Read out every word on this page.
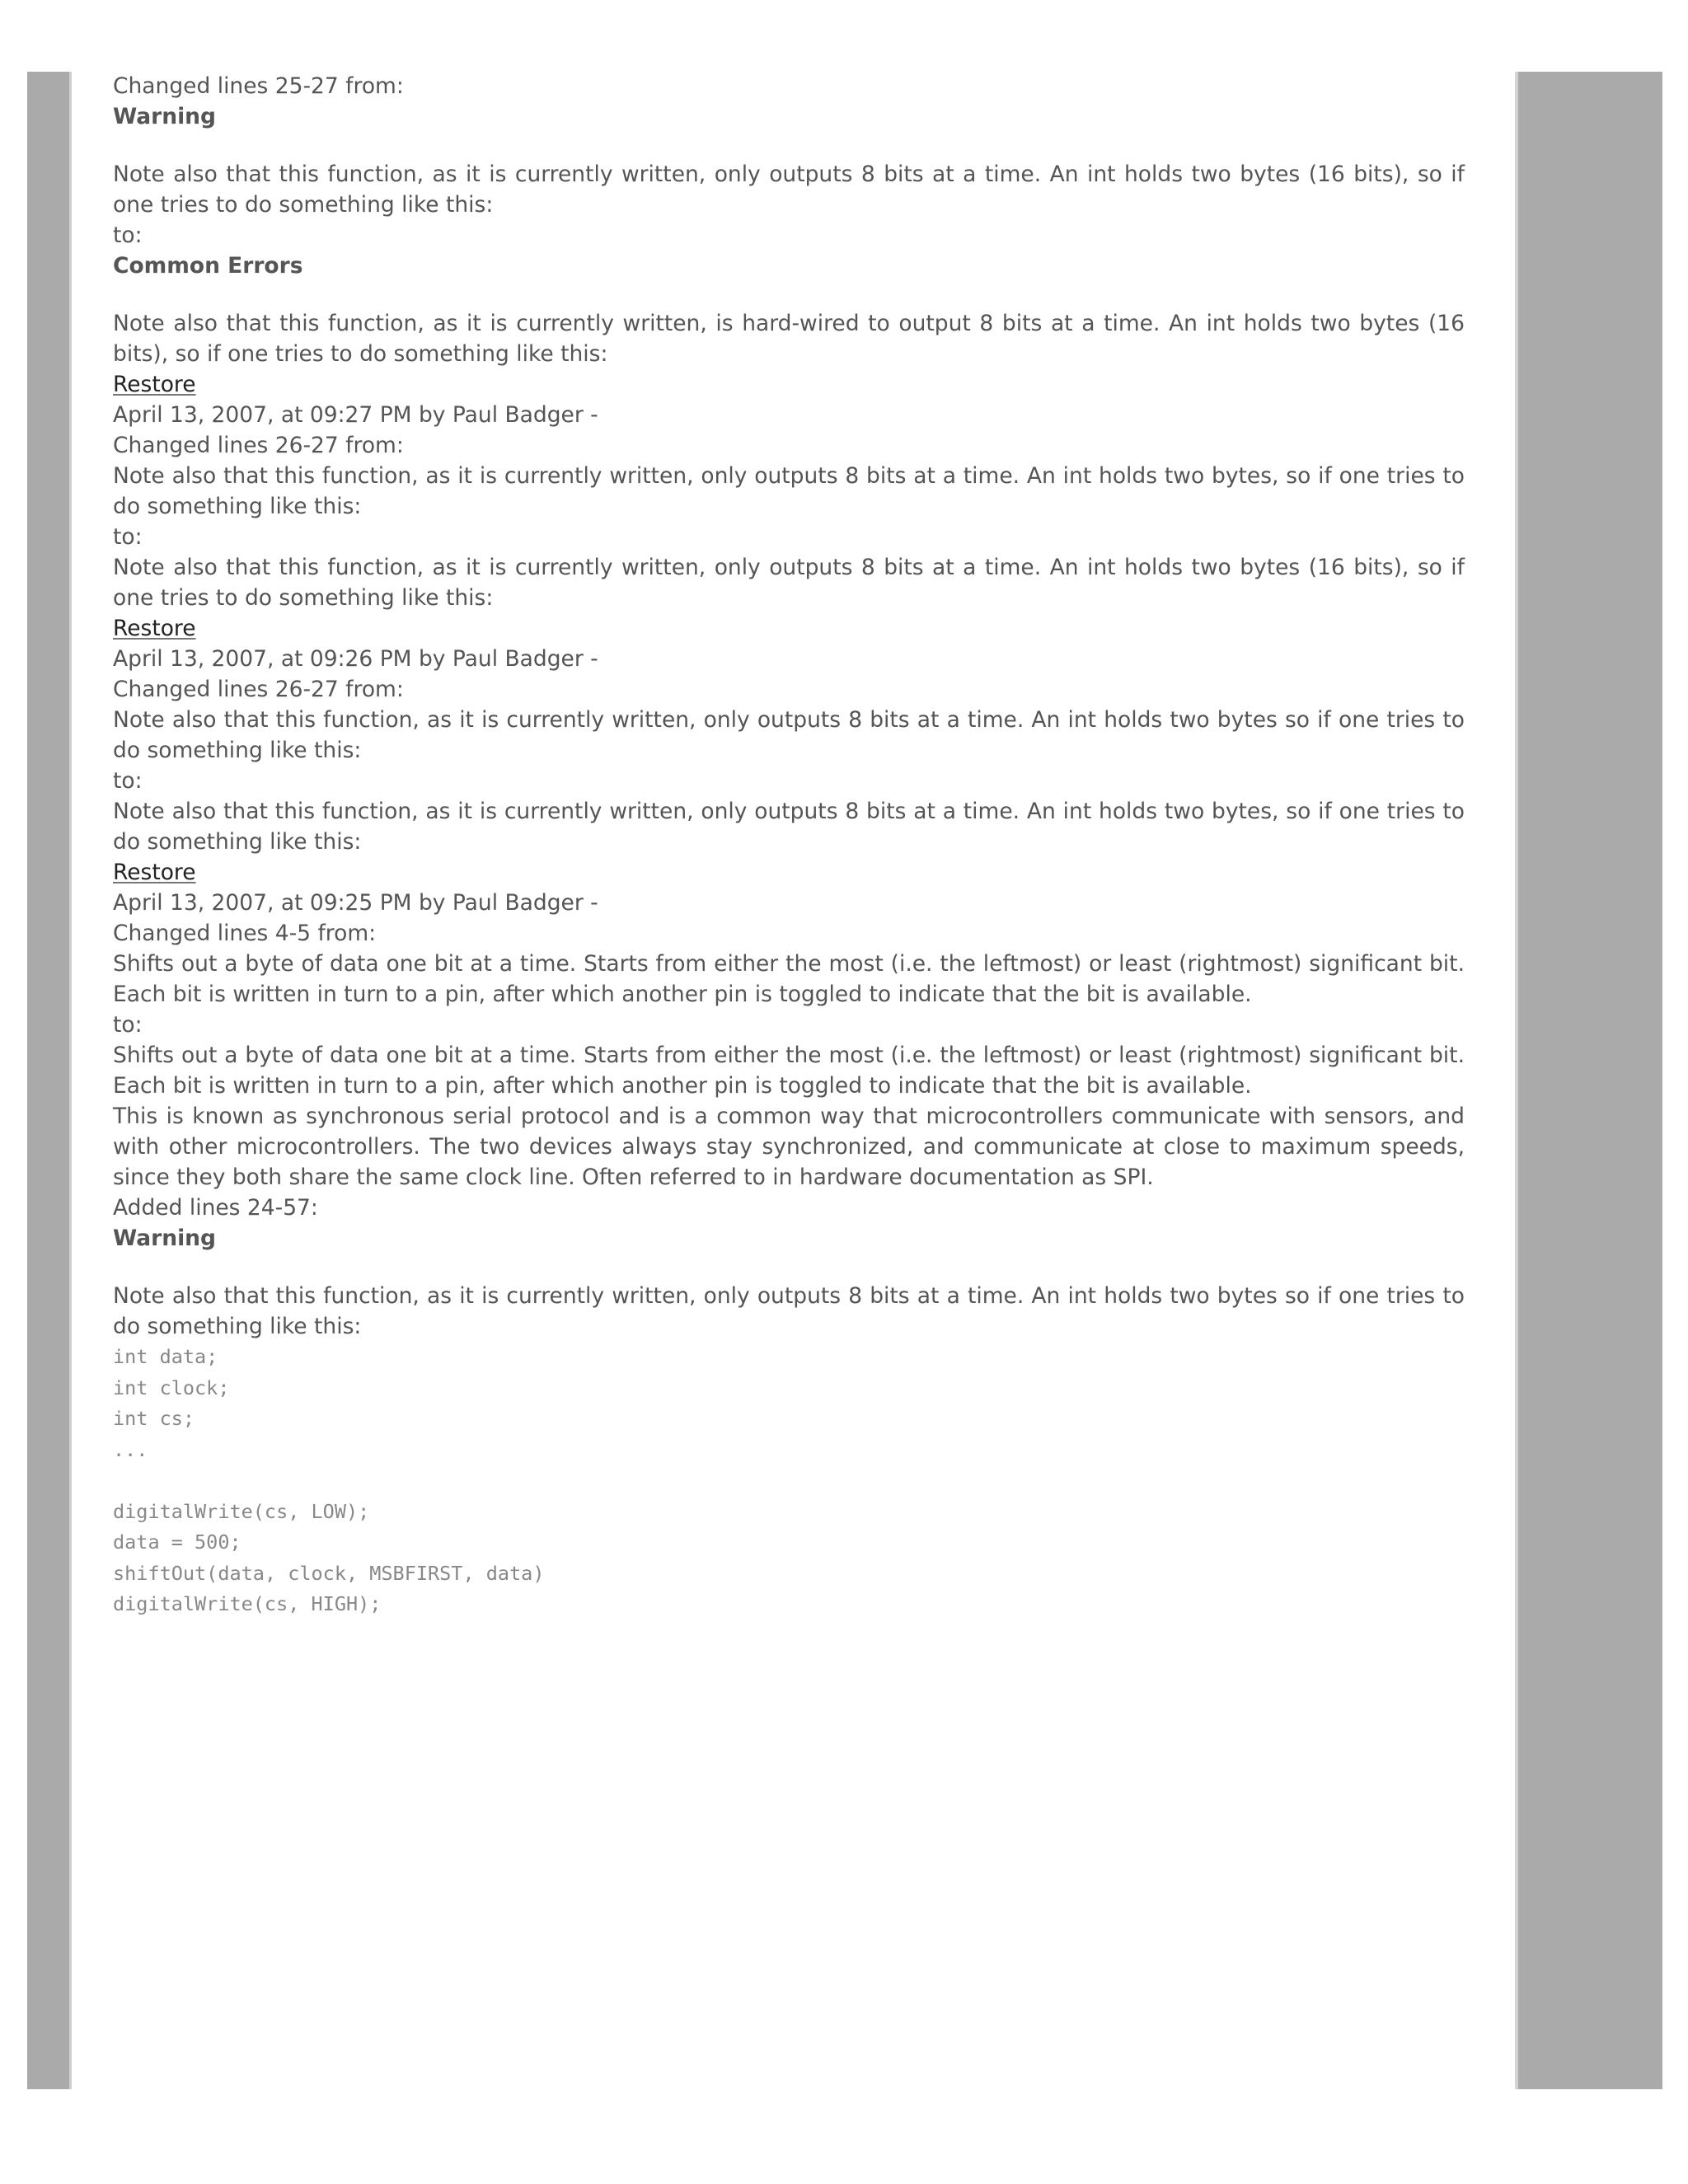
Changed lines 25-27 from:

Warning

Note also that this function, as it is currently written, only outputs 8 bits at a time. An int holds two bytes (16 bits), so if one tries to do something like this:

to:

Common Errors

Note also that this function, as it is currently written, is hard-wired to output 8 bits at a time. An int holds two bytes (16 bits), so if one tries to do something like this:

Restore
April 13, 2007, at 09:27 PM by Paul Badger -

Changed lines 26-27 from:

Note also that this function, as it is currently written, only outputs 8 bits at a time. An int holds two bytes, so if one tries to do something like this:

to:

Note also that this function, as it is currently written, only outputs 8 bits at a time. An int holds two bytes (16 bits), so if one tries to do something like this:

Restore
April 13, 2007, at 09:26 PM by Paul Badger -

Changed lines 26-27 from:

Note also that this function, as it is currently written, only outputs 8 bits at a time. An int holds two bytes so if one tries to do something like this:

to:

Note also that this function, as it is currently written, only outputs 8 bits at a time. An int holds two bytes, so if one tries to do something like this:

Restore
April 13, 2007, at 09:25 PM by Paul Badger -

Changed lines 4-5 from:

Shifts out a byte of data one bit at a time. Starts from either the most (i.e. the leftmost) or least (rightmost) significant bit. Each bit is written in turn to a pin, after which another pin is toggled to indicate that the bit is available.

to:

Shifts out a byte of data one bit at a time. Starts from either the most (i.e. the leftmost) or least (rightmost) significant bit. Each bit is written in turn to a pin, after which another pin is toggled to indicate that the bit is available.

This is known as synchronous serial protocol and is a common way that microcontrollers communicate with sensors, and with other microcontrollers. The two devices always stay synchronized, and communicate at close to maximum speeds, since they both share the same clock line. Often referred to in hardware documentation as SPI.

Added lines 24-57:

Warning

Note also that this function, as it is currently written, only outputs 8 bits at a time. An int holds two bytes so if one tries to do something like this:

int data;
int clock;
int cs;
...

digitalWrite(cs, LOW);
data = 500;
shiftOut(data, clock, MSBFIRST, data)
digitalWrite(cs, HIGH);
